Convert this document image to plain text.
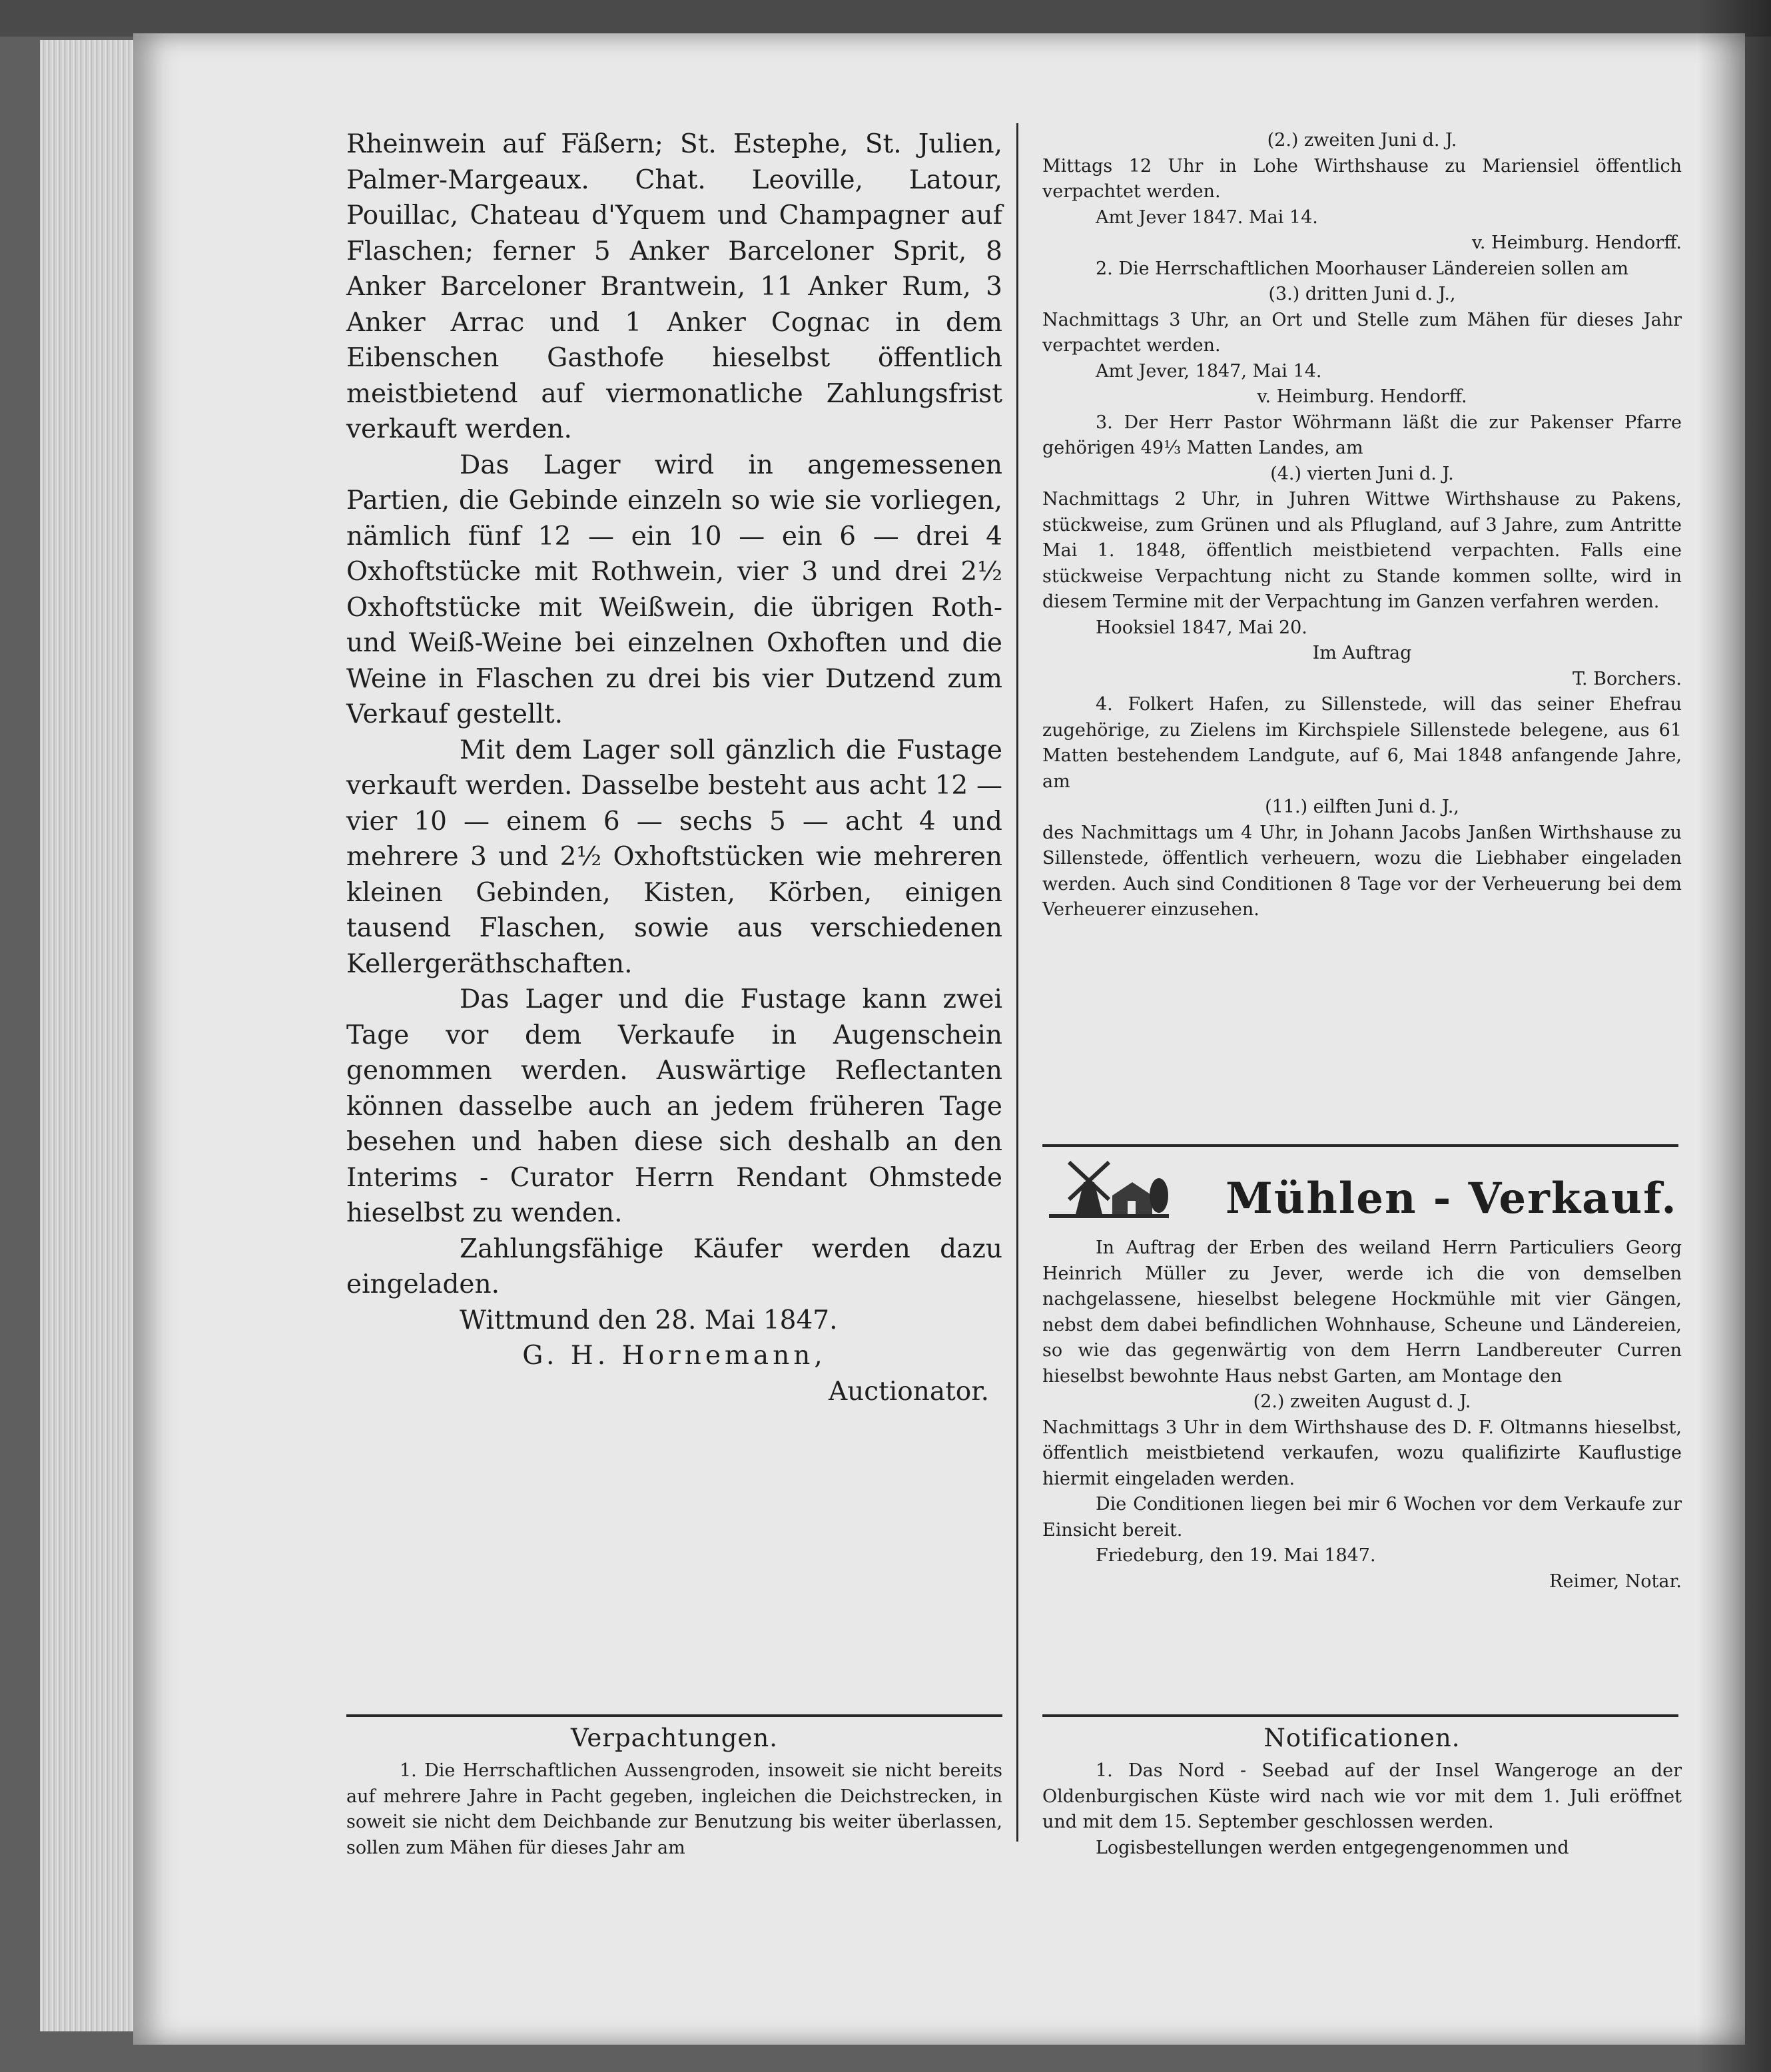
Rheinwein auf Fäßern; St. Estephe, St. Julien, Palmer-Margeaux. Chat. Leoville, Latour, Pouillac, Chateau d'Yquem und Champagner auf Flaschen; ferner 5 Anker Barceloner Sprit, 8 Anker Barceloner Brantwein, 11 Anker Rum, 3 Anker Arrac und 1 Anker Cognac in dem Eibenschen Gasthofe hieselbst öffentlich meistbietend auf viermonatliche Zahlungsfrist verkauft werden.

Das Lager wird in angemessenen Partien, die Gebinde einzeln so wie sie vorliegen, nämlich fünf 12 — ein 10 — ein 6 — drei 4 Oxhoftstücke mit Rothwein, vier 3 und drei 2½ Oxhoftstücke mit Weißwein, die übrigen Roth- und Weiß-Weine bei einzelnen Oxhoften und die Weine in Flaschen zu drei bis vier Dutzend zum Verkauf gestellt.

Mit dem Lager soll gänzlich die Fustage verkauft werden. Dasselbe besteht aus acht 12 — vier 10 — einem 6 — sechs 5 — acht 4 und mehrere 3 und 2½ Oxhoftstücken wie mehreren kleinen Gebinden, Kisten, Körben, einigen tausend Flaschen, sowie aus verschiedenen Kellergeräthschaften.

Das Lager und die Fustage kann zwei Tage vor dem Verkaufe in Augenschein genommen werden. Auswärtige Reflectanten können dasselbe auch an jedem früheren Tage besehen und haben diese sich deshalb an den Interims - Curator Herrn Rendant Ohmstede hieselbst zu wenden.

Zahlungsfähige Käufer werden dazu eingeladen.

Wittmund den 28. Mai 1847.

G. H. Hornemann,

Auctionator.

(2.) zweiten Juni d. J.

Mittags 12 Uhr in Lohe Wirthshause zu Mariensiel öffentlich verpachtet werden.

Amt Jever 1847. Mai 14.

v. Heimburg. Hendorff.

2. Die Herrschaftlichen Moorhauser Ländereien sollen am

(3.) dritten Juni d. J.,

Nachmittags 3 Uhr, an Ort und Stelle zum Mähen für dieses Jahr verpachtet werden.

Amt Jever, 1847, Mai 14.

v. Heimburg. Hendorff.

3. Der Herr Pastor Wöhrmann läßt die zur Pakenser Pfarre gehörigen 49⅓ Matten Landes, am

(4.) vierten Juni d. J.

Nachmittags 2 Uhr, in Juhren Wittwe Wirthshause zu Pakens, stückweise, zum Grünen und als Pflugland, auf 3 Jahre, zum Antritte Mai 1. 1848, öffentlich meistbietend verpachten. Falls eine stückweise Verpachtung nicht zu Stande kommen sollte, wird in diesem Termine mit der Verpachtung im Ganzen verfahren werden.

Hooksiel 1847, Mai 20.

Im Auftrag

T. Borchers.

4. Folkert Hafen, zu Sillenstede, will das seiner Ehefrau zugehörige, zu Zielens im Kirchspiele Sillenstede belegene, aus 61 Matten bestehendem Landgute, auf 6, Mai 1848 anfangende Jahre, am

(11.) eilften Juni d. J.,

des Nachmittags um 4 Uhr, in Johann Jacobs Janßen Wirthshause zu Sillenstede, öffentlich verheuern, wozu die Liebhaber eingeladen werden. Auch sind Conditionen 8 Tage vor der Verheuerung bei dem Verheuerer einzusehen.

Mühlen - Verkauf.

In Auftrag der Erben des weiland Herrn Particuliers Georg Heinrich Müller zu Jever, werde ich die von demselben nachgelassene, hieselbst belegene Hockmühle mit vier Gängen, nebst dem dabei befindlichen Wohnhause, Scheune und Ländereien, so wie das gegenwärtig von dem Herrn Landbereuter Curren hieselbst bewohnte Haus nebst Garten, am Montage den

(2.) zweiten August d. J.

Nachmittags 3 Uhr in dem Wirthshause des D. F. Oltmanns hieselbst, öffentlich meistbietend verkaufen, wozu qualifizirte Kauflustige hiermit eingeladen werden.

Die Conditionen liegen bei mir 6 Wochen vor dem Verkaufe zur Einsicht bereit.

Friedeburg, den 19. Mai 1847.

Reimer, Notar.

Verpachtungen.	Notificationen.

1. Die Herrschaftlichen Aussengroden, insoweit sie nicht bereits auf mehrere Jahre in Pacht gegeben, ingleichen die Deichstrecken, in soweit sie nicht dem Deichbande zur Benutzung bis weiter überlassen, sollen zum Mähen für dieses Jahr am

1. Das Nord - Seebad auf der Insel Wangeroge an der Oldenburgischen Küste wird nach wie vor mit dem 1. Juli eröffnet und mit dem 15. September geschlossen werden.

Logisbestellungen werden entgegengenommen und
